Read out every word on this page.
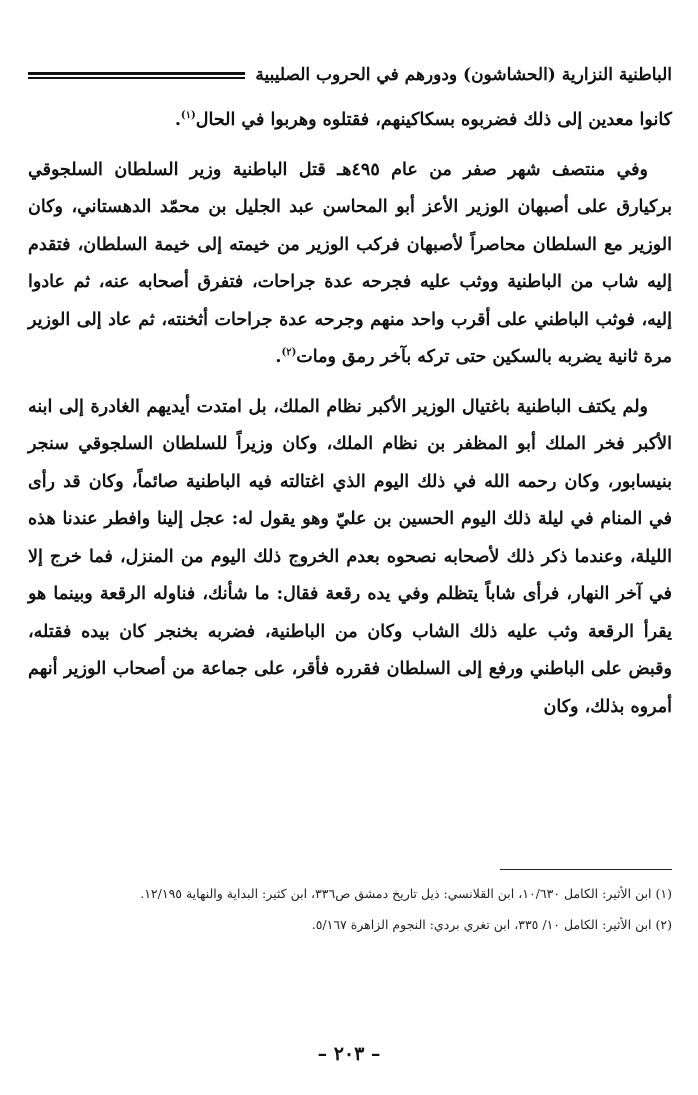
الباطنية النزارية (الحشاشون) ودورهم في الحروب الصليبية

كانوا معدين إلى ذلك فضربوه بسكاكينهم، فقتلوه وهربوا في الحال$^{(١)}$.

وفي منتصف شهر صفر من عام ٤٩٥هـ قتل الباطنية وزير السلطان السلجوقي بركيارق على أصبهان الوزير الأعز أبو المحاسن عبد الجليل بن محمّد الدهستاني، وكان الوزير مع السلطان محاصراً لأصبهان فركب الوزير من خيمته إلى خيمة السلطان، فتقدم إليه شاب من الباطنية ووثب عليه فجرحه عدة جراحات، فتفرق أصحابه عنه، ثم عادوا إليه، فوثب الباطني على أقرب واحد منهم وجرحه عدة جراحات أثخنته، ثم عاد إلى الوزير مرة ثانية يضربه بالسكين حتى تركه بآخر رمق ومات$^{(٢)}$.

ولم يكتف الباطنية باغتيال الوزير الأكبر نظام الملك، بل امتدت أيديهم الغادرة إلى ابنه الأكبر فخر الملك أبو المظفر بن نظام الملك، وكان وزيراً للسلطان السلجوقي سنجر بنيسابور، وكان رحمه الله في ذلك اليوم الذي اغتالته فيه الباطنية صائماً، وكان قد رأى في المنام في ليلة ذلك اليوم الحسين بن عليّ وهو يقول له: عجل إلينا وافطر عندنا هذه الليلة، وعندما ذكر ذلك لأصحابه نصحوه بعدم الخروج ذلك اليوم من المنزل، فما خرج إلا في آخر النهار، فرأى شاباً يتظلم وفي يده رقعة فقال: ما شأنك، فناوله الرقعة وبينما هو يقرأ الرقعة وثب عليه ذلك الشاب وكان من الباطنية، فضربه بخنجر كان بيده فقتله، وقبض على الباطني ورفع إلى السلطان فقرره فأقر، على جماعة من أصحاب الوزير أنهم أمروه بذلك، وكان

(١) ابن الأثير: الكامل ١٠/٦٣٠، ابن القلانسي: ذيل تاريخ دمشق ص٣٣٦، ابن كثير: البداية والنهاية ١٢/١٩٥.

(٢) ابن الأثير: الكامل ١٠/ ٣٣٥، ابن تغري بردي: النجوم الزاهرة ٥/١٦٧.

– ٢٠٣ –
